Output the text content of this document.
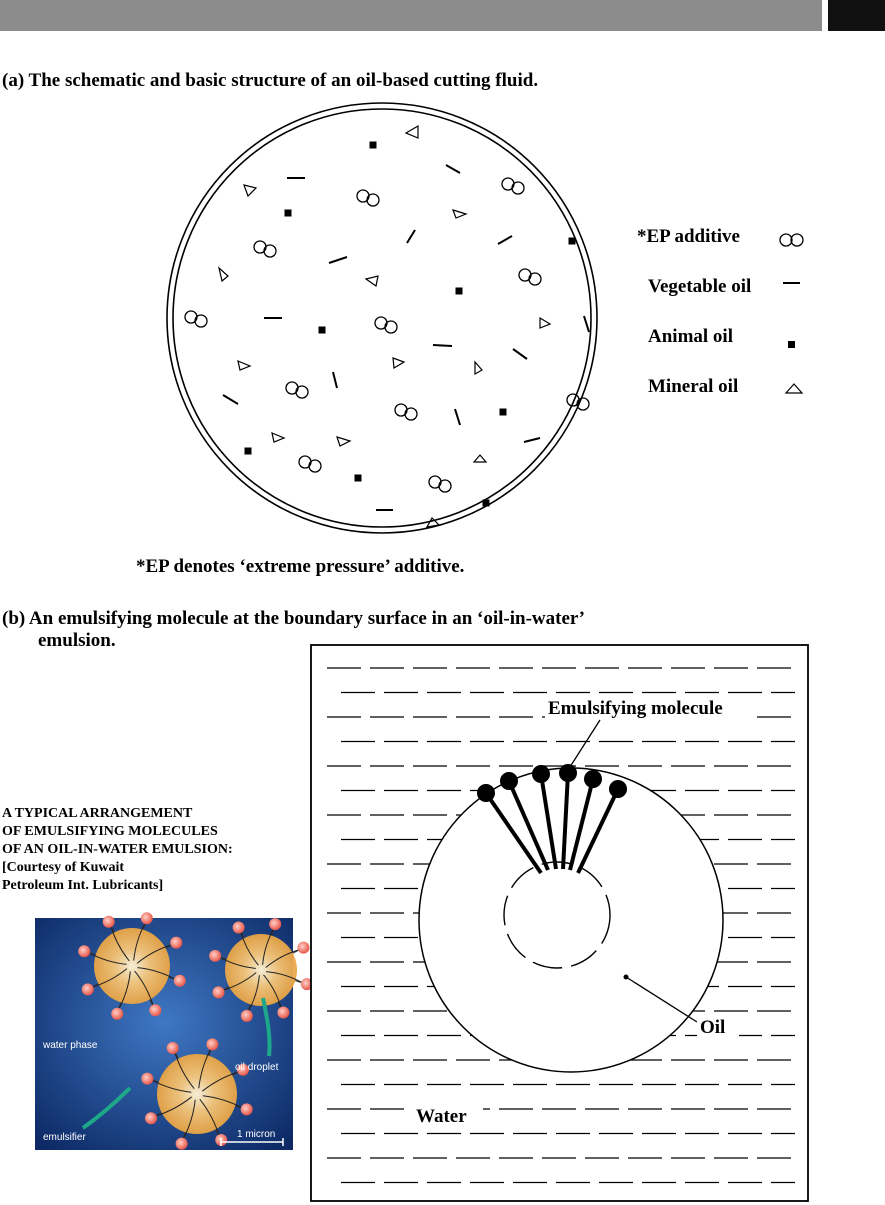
(a) The schematic and basic structure of an oil-based cutting fluid.
*EP additive
Vegetable oil
Animal oil
Mineral oil
*EP denotes ‘extreme pressure’ additive.
(b) An emulsifying molecule at the boundary surface in an ‘oil-in-water’
emulsion.
A TYPICAL ARRANGEMENT
OF EMULSIFYING MOLECULES
OF AN OIL-IN-WATER EMULSION:
[Courtesy of Kuwait
Petroleum Int. Lubricants]
water phase
oil droplet
emulsifier	1 micron
Emulsifying molecule
Oil
Water
